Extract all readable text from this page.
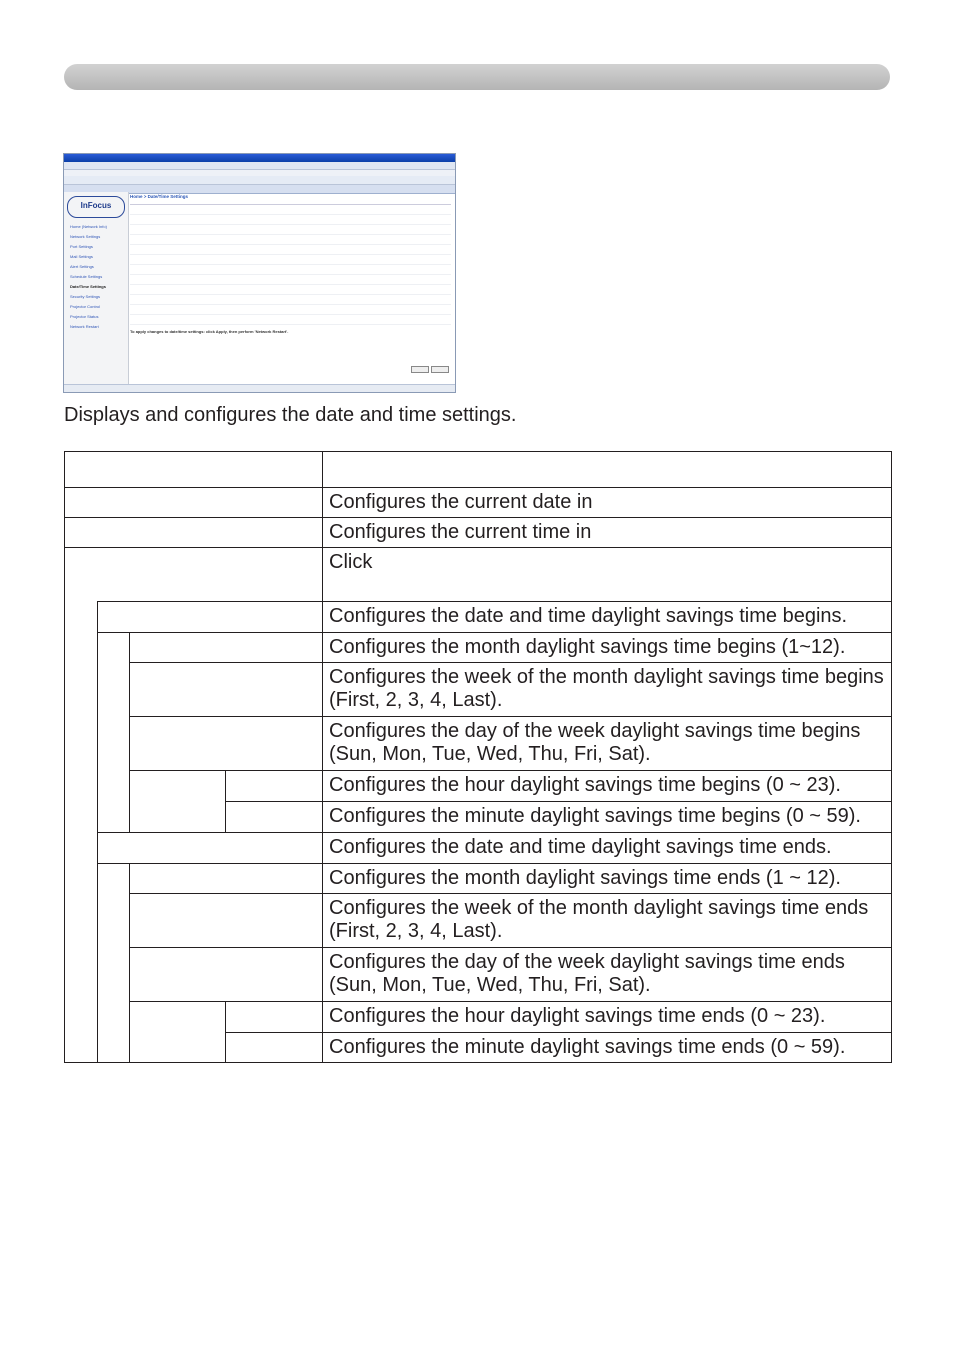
InFocus
Home (Network Info)
Network Settings
Port Settings
Mail Settings
Alert Settings
Schedule Settings
Date/Time Settings
Security Settings
Projector Control
Projector Status
Network Restart
Home > Date/Time Settings
To apply changes to date/time settings: click Apply, then perform 'Network Restart'.
Displays and configures the date and time settings.

				Configures the current date in
				Configures the current time in
				Click
				Configures the date and time daylight savings time begins.
				Configures the month daylight savings time begins (1~12).
				Configures the week of the month daylight savings time begins (First, 2, 3, 4, Last).
				Configures the day of the week daylight savings time begins (Sun, Mon, Tue, Wed, Thu, Fri, Sat).
				Configures the hour daylight savings time begins (0 ~ 23).
				Configures the minute daylight savings time begins (0 ~ 59).
				Configures the date and time daylight savings time ends.
				Configures the month daylight savings time ends (1 ~ 12).
				Configures the week of the month daylight savings time ends (First, 2, 3, 4, Last).
				Configures the day of the week daylight savings time ends (Sun, Mon, Tue, Wed, Thu, Fri, Sat).
				Configures the hour daylight savings time ends (0 ~ 23).
				Configures the minute daylight savings time ends (0 ~ 59).
